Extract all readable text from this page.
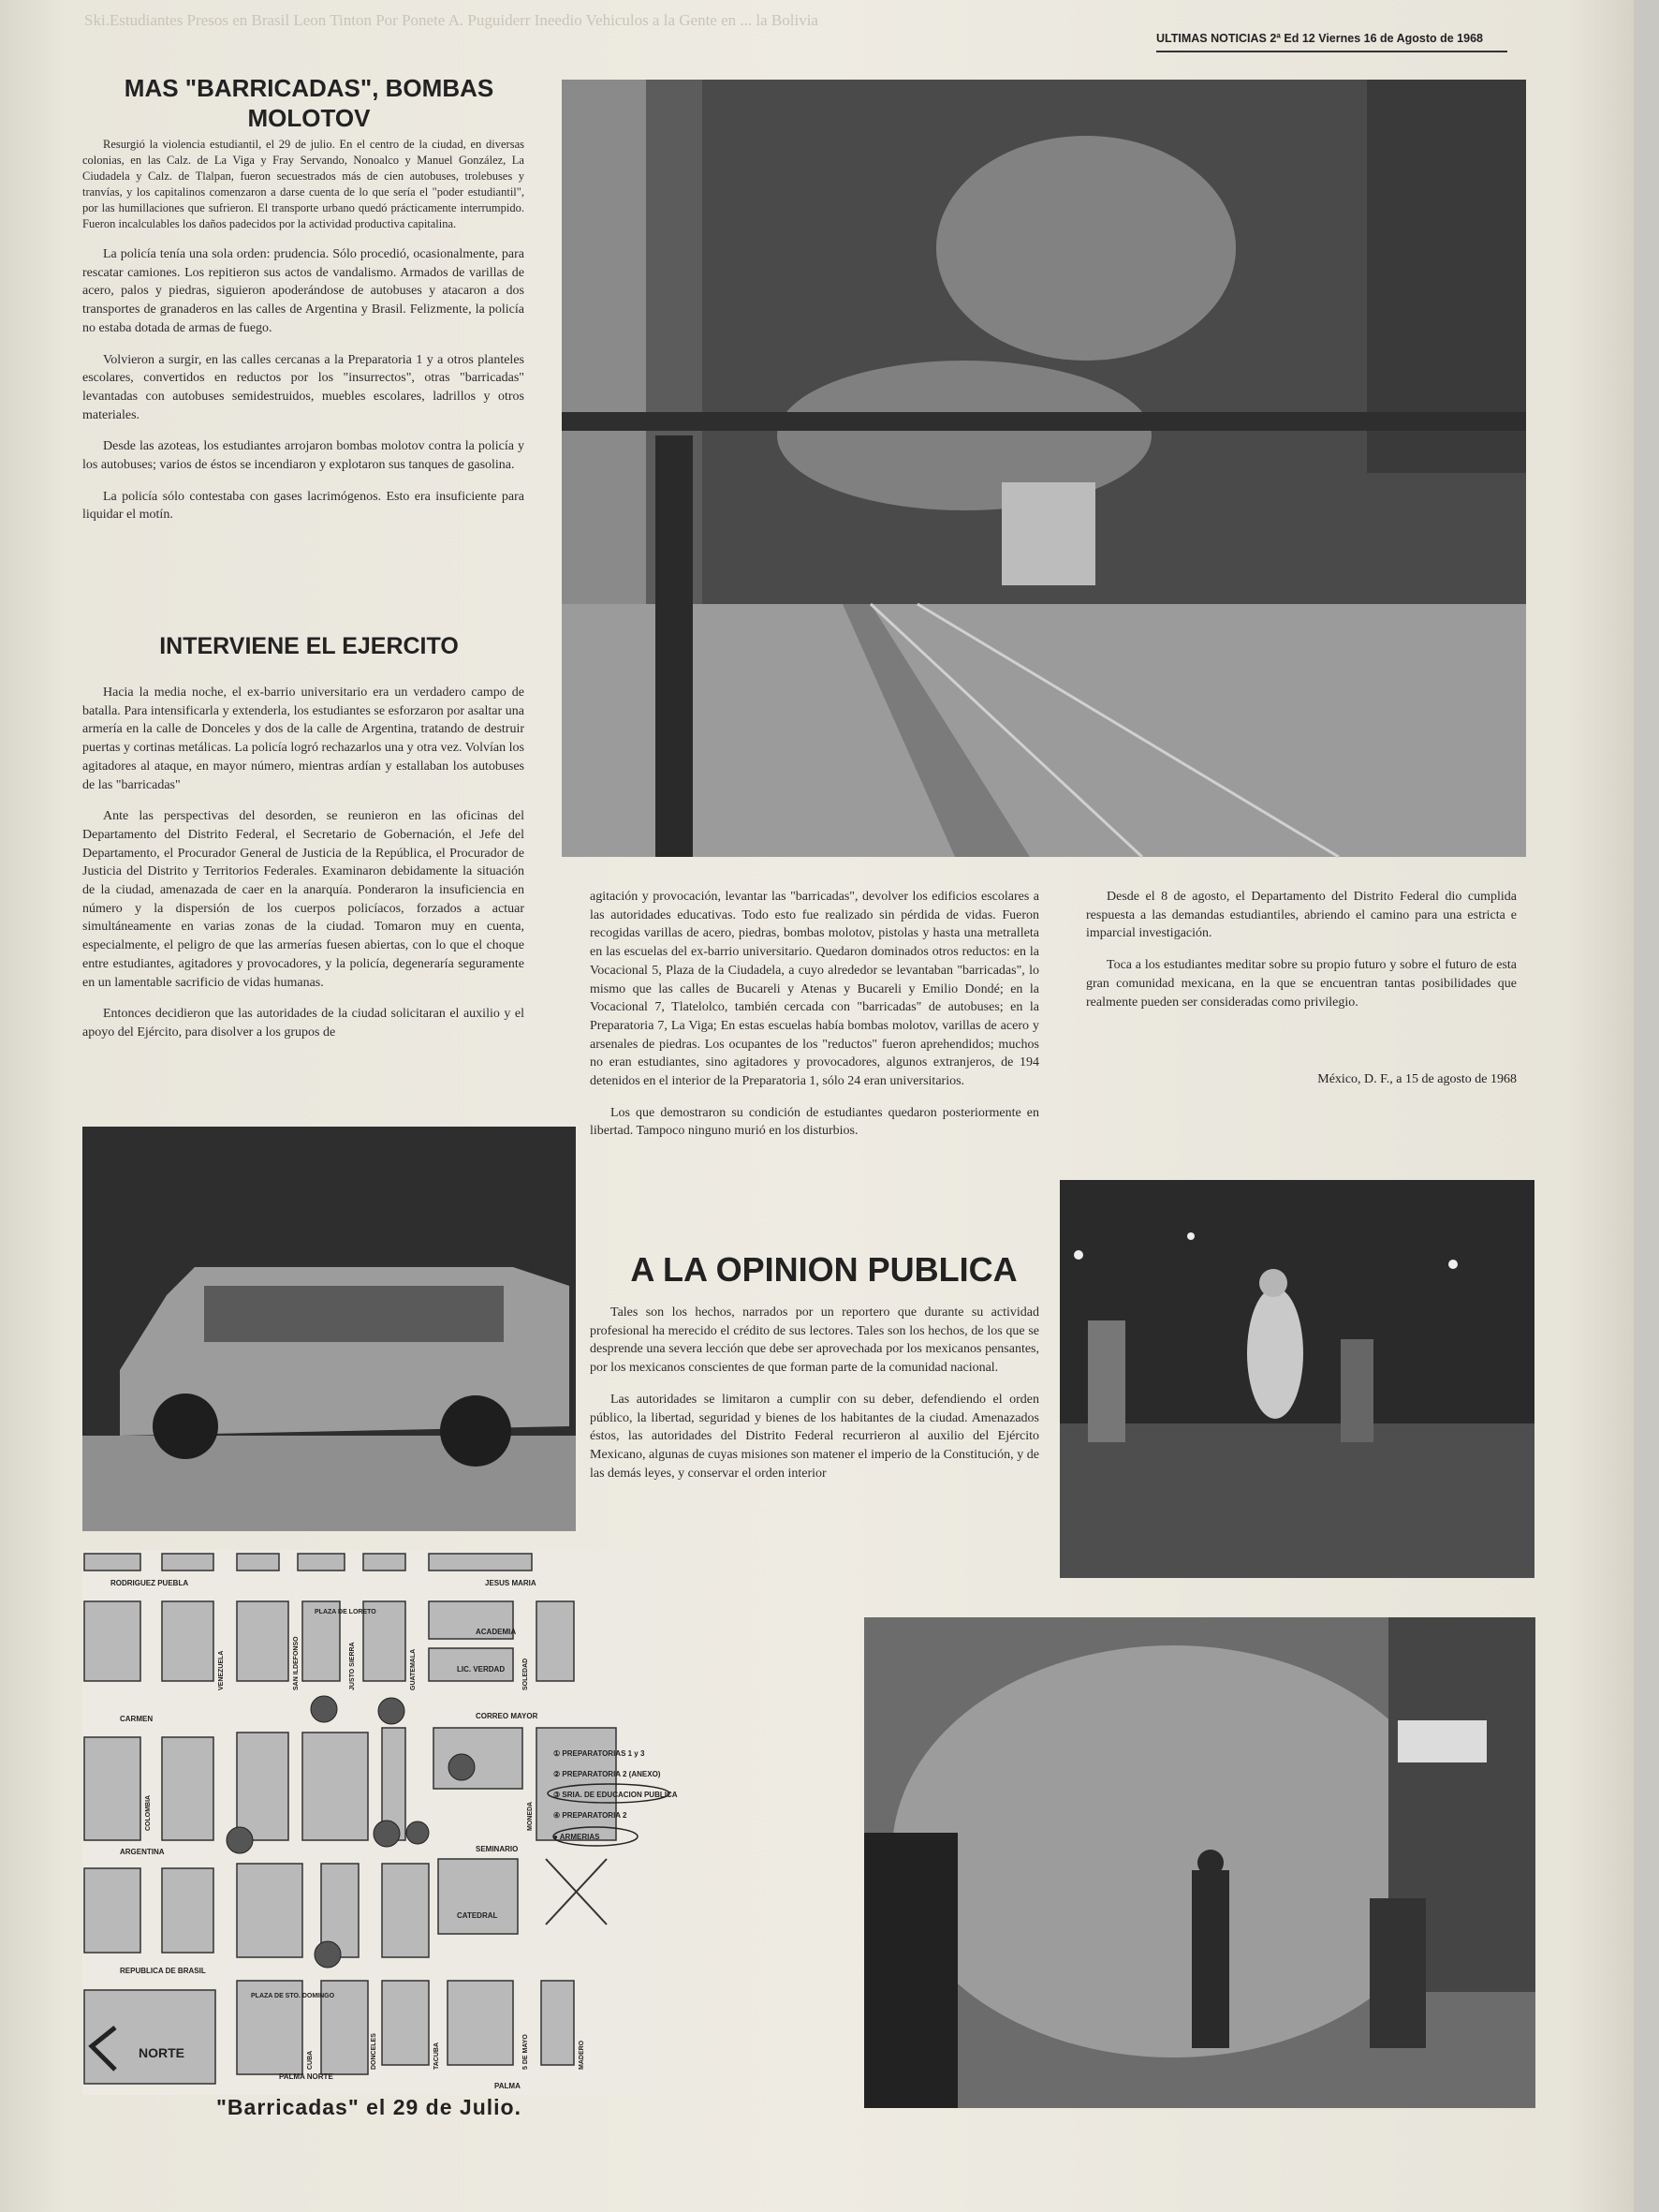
Ski.Estudiantes Presos en Brasil Leon Tinton Por Ponete A. Puguiderr Ineedio Vehiculos a la Gente en ... la Bolivia
ULTIMAS NOTICIAS 2ª Ed 12 Viernes 16 de Agosto de 1968
MAS "BARRICADAS", BOMBAS MOLOTOV

Resurgió la violencia estudiantil, el 29 de julio. En el centro de la ciudad, en diversas colonias, en las Calz. de La Viga y Fray Servando, Nonoalco y Manuel González, La Ciudadela y Calz. de Tlalpan, fueron secuestrados más de cien autobuses, trolebuses y tranvías, y los capitalinos comenzaron a darse cuenta de lo que sería el "poder estudiantil", por las humillaciones que sufrieron. El transporte urbano quedó prácticamente interrumpido. Fueron incalculables los daños padecidos por la actividad productiva capitalina.

La policía tenía una sola orden: prudencia. Sólo procedió, ocasionalmente, para rescatar camiones. Los repitieron sus actos de vandalismo. Armados de varillas de acero, palos y piedras, siguieron apoderándose de autobuses y atacaron a dos transportes de granaderos en las calles de Argentina y Brasil. Felizmente, la policía no estaba dotada de armas de fuego.

Volvieron a surgir, en las calles cercanas a la Preparatoria 1 y a otros planteles escolares, convertidos en reductos por los "insurrectos", otras "barricadas" levantadas con autobuses semidestruidos, muebles escolares, ladrillos y otros materiales.

Desde las azoteas, los estudiantes arrojaron bombas molotov contra la policía y los autobuses; varios de éstos se incendiaron y explotaron sus tanques de gasolina.

La policía sólo contestaba con gases lacrimógenos. Esto era insuficiente para liquidar el motín.

INTERVIENE EL EJERCITO

Hacia la media noche, el ex-barrio universitario era un verdadero campo de batalla. Para intensificarla y extenderla, los estudiantes se esforzaron por asaltar una armería en la calle de Donceles y dos de la calle de Argentina, tratando de destruir puertas y cortinas metálicas. La policía logró rechazarlos una y otra vez. Volvían los agitadores al ataque, en mayor número, mientras ardían y estallaban los autobuses de las "barricadas"

Ante las perspectivas del desorden, se reunieron en las oficinas del Departamento del Distrito Federal, el Secretario de Gobernación, el Jefe del Departamento, el Procurador General de Justicia de la República, el Procurador de Justicia del Distrito y Territorios Federales. Examinaron debidamente la situación de la ciudad, amenazada de caer en la anarquía. Ponderaron la insuficiencia en número y la dispersión de los cuerpos policíacos, forzados a actuar simultáneamente en varias zonas de la ciudad. Tomaron muy en cuenta, especialmente, el peligro de que las armerías fuesen abiertas, con lo que el choque entre estudiantes, agitadores y provocadores, y la policía, degeneraría seguramente en un lamentable sacrificio de vidas humanas.

Entonces decidieron que las autoridades de la ciudad solicitaran el auxilio y el apoyo del Ejército, para disolver a los grupos de

agitación y provocación, levantar las "barricadas", devolver los edificios escolares a las autoridades educativas. Todo esto fue realizado sin pérdida de vidas. Fueron recogidas varillas de acero, piedras, bombas molotov, pistolas y hasta una metralleta en las escuelas del ex-barrio universitario. Quedaron dominados otros reductos: en la Vocacional 5, Plaza de la Ciudadela, a cuyo alrededor se levantaban "barricadas", lo mismo que las calles de Bucareli y Atenas y Bucareli y Emilio Dondé; en la Vocacional 7, Tlatelolco, también cercada con "barricadas" de autobuses; en la Preparatoria 7, La Viga; En estas escuelas había bombas molotov, varillas de acero y arsenales de piedras. Los ocupantes de los "reductos" fueron aprehendidos; muchos no eran estudiantes, sino agitadores y provocadores, algunos extranjeros, de 194 detenidos en el interior de la Preparatoria 1, sólo 24 eran universitarios.

Los que demostraron su condición de estudiantes quedaron posteriormente en libertad. Tampoco ninguno murió en los disturbios.

A LA OPINION PUBLICA

Tales son los hechos, narrados por un reportero que durante su actividad profesional ha merecido el crédito de sus lectores. Tales son los hechos, de los que se desprende una severa lección que debe ser aprovechada por los mexicanos pensantes, por los mexicanos conscientes de que forman parte de la comunidad nacional.

Las autoridades se limitaron a cumplir con su deber, defendiendo el orden público, la libertad, seguridad y bienes de los habitantes de la ciudad. Amenazados éstos, las autoridades del Distrito Federal recurrieron al auxilio del Ejército Mexicano, algunas de cuyas misiones son matener el imperio de la Constitución, y de las demás leyes, y conservar el orden interior

Desde el 8 de agosto, el Departamento del Distrito Federal dio cumplida respuesta a las demandas estudiantiles, abriendo el camino para una estricta e imparcial investigación.

Toca a los estudiantes meditar sobre su propio futuro y sobre el futuro de esta gran comunidad mexicana, en la que se encuentran tantas posibilidades que realmente pueden ser consideradas como privilegio.

México, D. F., a 15 de agosto de 1968
RODRIGUEZ PUEBLA	JESUS MARIA
ACADEMIA
CARMEN	CORREO MAYOR
ARGENTINA	SEMINARIO
REPUBLICA DE BRASIL
PALMA NORTE
PALMA
LIC. VERDAD
CATEDRAL
NORTE
VENEZUELA	SAN ILDEFONSO	JUSTO SIERRA	GUATEMALA	SOLEDAD
COLOMBIA	MONEDA
CUBA	DONCELES	TACUBA	5 DE MAYO	MADERO
PLAZA DE LORETO
PLAZA DE STO. DOMINGO
① PREPARATORIAS 1 y 3
② PREPARATORIA 2 (ANEXO)
③ SRIA. DE EDUCACION PUBLICA
④ PREPARATORIA 2
● ARMERIAS
"Barricadas" el 29 de Julio.
